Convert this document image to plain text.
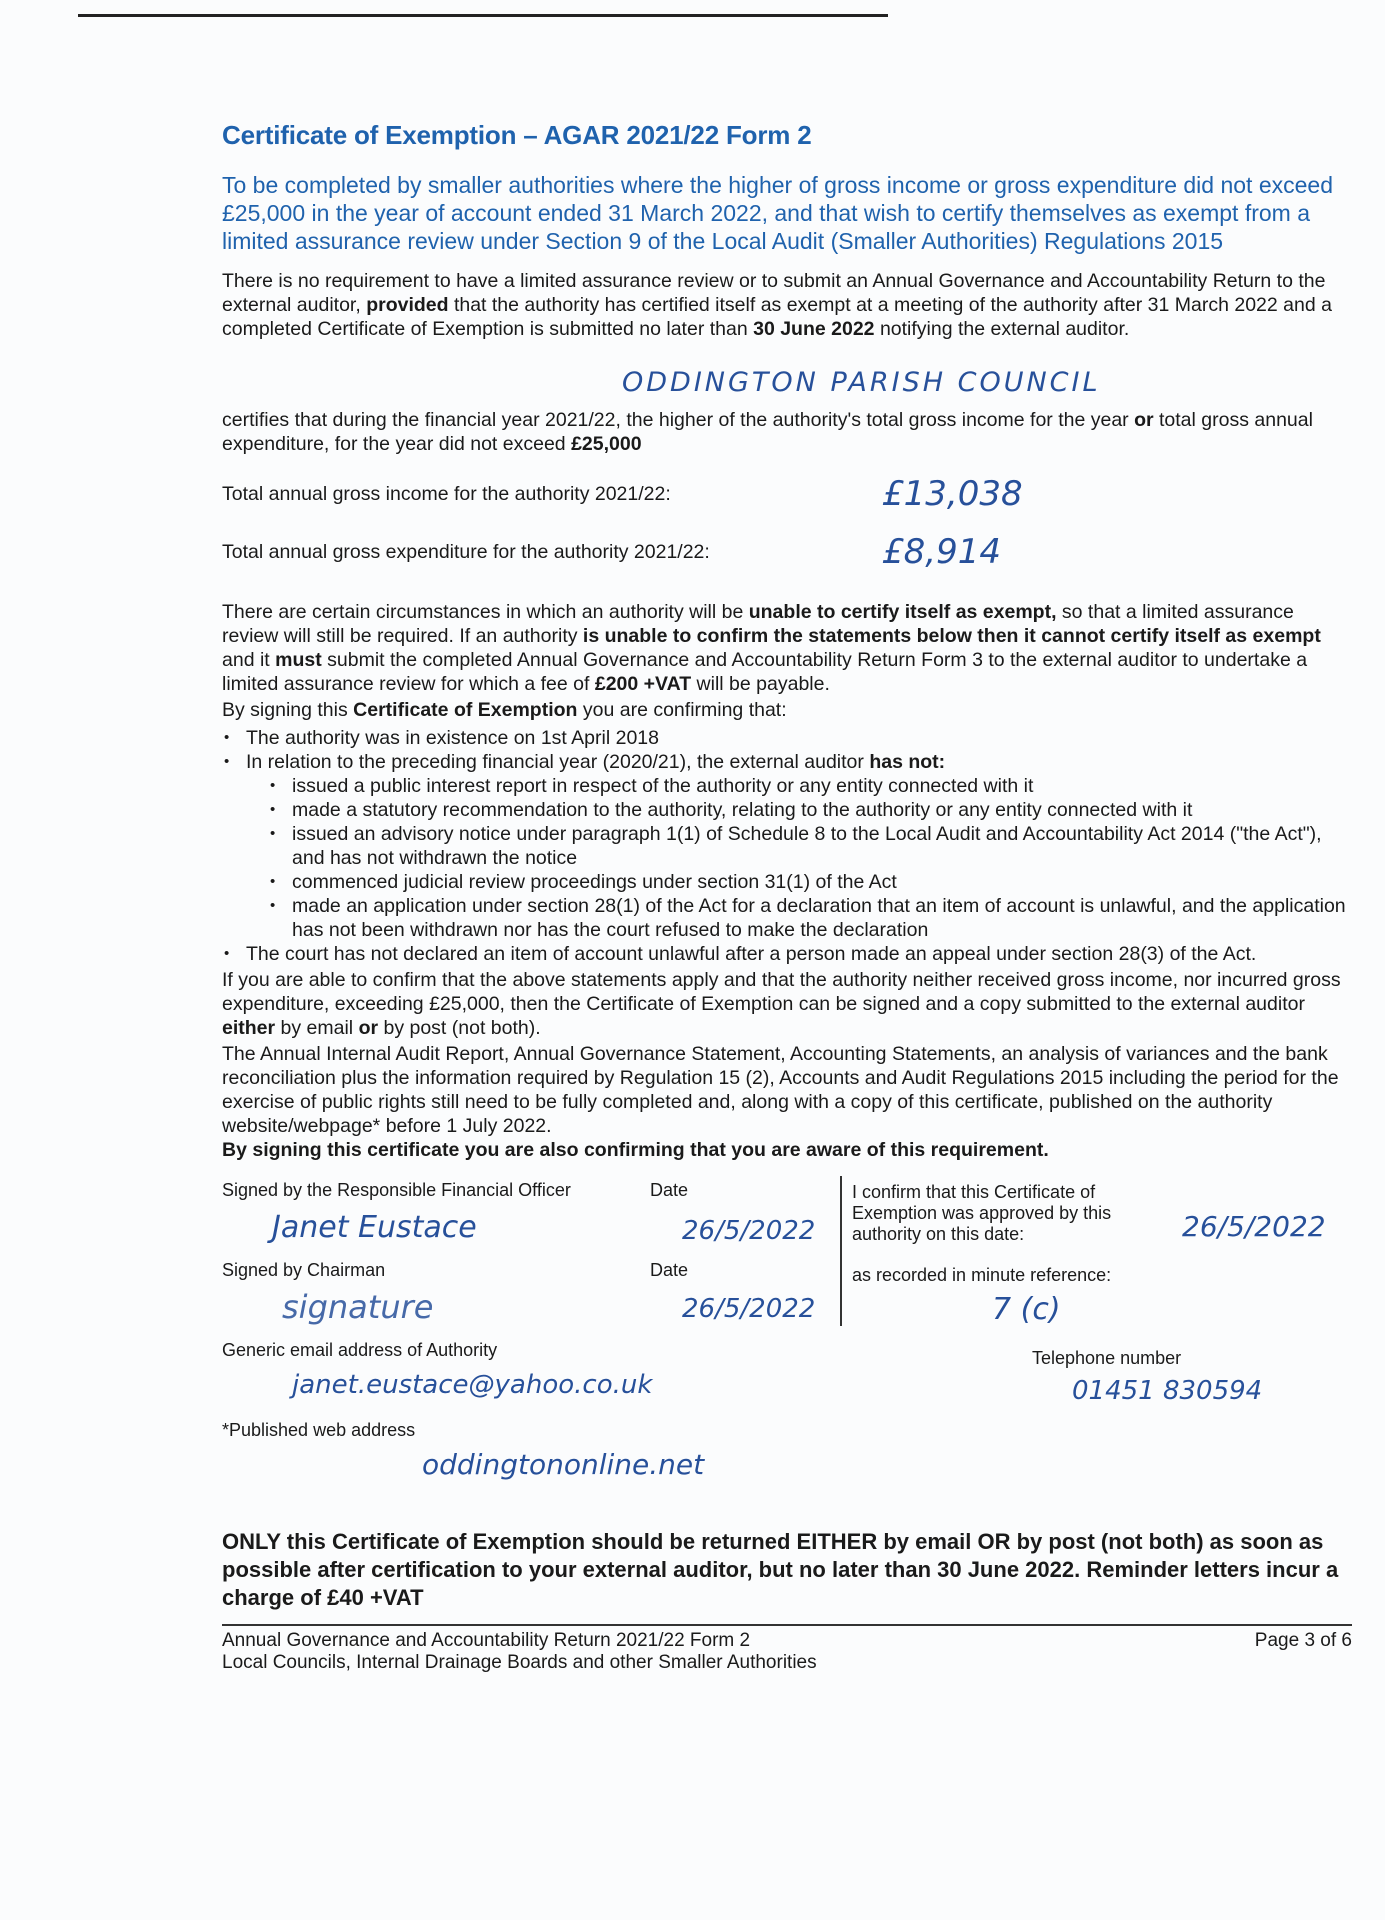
Certificate of Exemption – AGAR 2021/22 Form 2

To be completed by smaller authorities where the higher of gross income or gross expenditure did not exceed £25,000 in the year of account ended 31 March 2022, and that wish to certify themselves as exempt from a limited assurance review under Section 9 of the Local Audit (Smaller Authorities) Regulations 2015

There is no requirement to have a limited assurance review or to submit an Annual Governance and Accountability Return to the external auditor, provided that the authority has certified itself as exempt at a meeting of the authority after 31 March 2022 and a completed Certificate of Exemption is submitted no later than 30 June 2022 notifying the external auditor.

ODDINGTON PARISH COUNCIL

certifies that during the financial year 2021/22, the higher of the authority's total gross income for the year or total gross annual expenditure, for the year did not exceed £25,000

Total annual gross income for the authority 2021/22:	£13,038
Total annual gross expenditure for the authority 2021/22:	£8,914

There are certain circumstances in which an authority will be unable to certify itself as exempt, so that a limited assurance review will still be required. If an authority is unable to confirm the statements below then it cannot certify itself as exempt and it must submit the completed Annual Governance and Accountability Return Form 3 to the external auditor to undertake a limited assurance review for which a fee of £200 +VAT will be payable.

By signing this Certificate of Exemption you are confirming that:

• The authority was in existence on 1st April 2018
• In relation to the preceding financial year (2020/21), the external auditor has not:
• issued a public interest report in respect of the authority or any entity connected with it
• made a statutory recommendation to the authority, relating to the authority or any entity connected with it
• issued an advisory notice under paragraph 1(1) of Schedule 8 to the Local Audit and Accountability Act 2014 ("the Act"), and has not withdrawn the notice
• commenced judicial review proceedings under section 31(1) of the Act
• made an application under section 28(1) of the Act for a declaration that an item of account is unlawful, and the application has not been withdrawn nor has the court refused to make the declaration
• The court has not declared an item of account unlawful after a person made an appeal under section 28(3) of the Act.

If you are able to confirm that the above statements apply and that the authority neither received gross income, nor incurred gross expenditure, exceeding £25,000, then the Certificate of Exemption can be signed and a copy submitted to the external auditor either by email or by post (not both).

The Annual Internal Audit Report, Annual Governance Statement, Accounting Statements, an analysis of variances and the bank reconciliation plus the information required by Regulation 15 (2), Accounts and Audit Regulations 2015 including the period for the exercise of public rights still need to be fully completed and, along with a copy of this certificate, published on the authority website/webpage* before 1 July 2022.

By signing this certificate you are also confirming that you are aware of this requirement.

Signed by the Responsible Financial Officer
Janet Eustace
Date
26/5/2022
Signed by Chairman
signature
Date
26/5/2022
I confirm that this Certificate of Exemption was approved by this authority on this date:	26/5/2022
as recorded in minute reference:
7 (c)
Generic email address of Authority
janet.eustace@yahoo.co.uk
Telephone number
01451 830594
*Published web address
oddingtononline.net

ONLY this Certificate of Exemption should be returned EITHER by email OR by post (not both) as soon as possible after certification to your external auditor, but no later than 30 June 2022. Reminder letters incur a charge of £40 +VAT

Annual Governance and Accountability Return 2021/22 Form 2
Local Councils, Internal Drainage Boards and other Smaller Authorities
Page 3 of 6
